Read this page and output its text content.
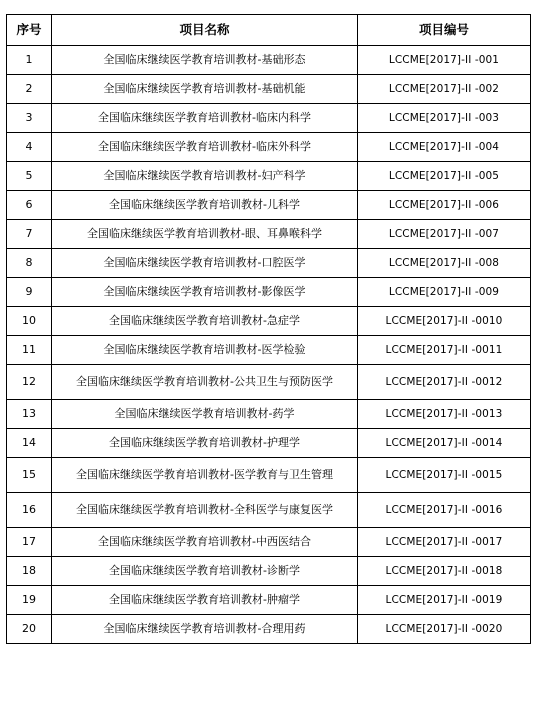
序号	项目名称	项目编号
1	全国临床继续医学教育培训教材-基础形态	LCCME[2017]-II -001
2	全国临床继续医学教育培训教材-基础机能	LCCME[2017]-II -002
3	全国临床继续医学教育培训教材-临床内科学	LCCME[2017]-II -003
4	全国临床继续医学教育培训教材-临床外科学	LCCME[2017]-II -004
5	全国临床继续医学教育培训教材-妇产科学	LCCME[2017]-II -005
6	全国临床继续医学教育培训教材-儿科学	LCCME[2017]-II -006
7	全国临床继续医学教育培训教材-眼、耳鼻喉科学	LCCME[2017]-II -007
8	全国临床继续医学教育培训教材-口腔医学	LCCME[2017]-II -008
9	全国临床继续医学教育培训教材-影像医学	LCCME[2017]-II -009
10	全国临床继续医学教育培训教材-急症学	LCCME[2017]-II -0010
11	全国临床继续医学教育培训教材-医学检验	LCCME[2017]-II -0011
12	全国临床继续医学教育培训教材-公共卫生与预防医学	LCCME[2017]-II -0012
13	全国临床继续医学教育培训教材-药学	LCCME[2017]-II -0013
14	全国临床继续医学教育培训教材-护理学	LCCME[2017]-II -0014
15	全国临床继续医学教育培训教材-医学教育与卫生管理	LCCME[2017]-II -0015
16	全国临床继续医学教育培训教材-全科医学与康复医学	LCCME[2017]-II -0016
17	全国临床继续医学教育培训教材-中西医结合	LCCME[2017]-II -0017
18	全国临床继续医学教育培训教材-诊断学	LCCME[2017]-II -0018
19	全国临床继续医学教育培训教材-肿瘤学	LCCME[2017]-II -0019
20	全国临床继续医学教育培训教材-合理用药	LCCME[2017]-II -0020
